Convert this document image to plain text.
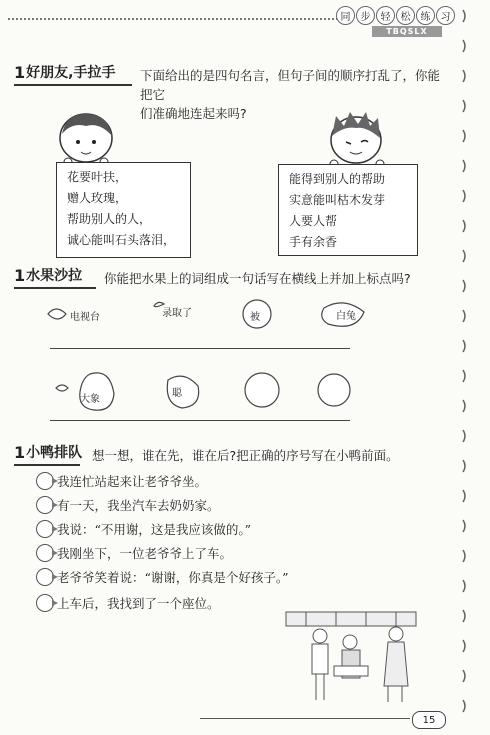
同	步	轻	松	练	习
TBQSLX
1 好朋友,手拉手 下面给出的是四句名言，但句子间的顺序打乱了，你能把它
们准确地连起来吗?
花要叶扶，
赠人玫瑰，
帮助别人的人，
诚心能叫石头落泪，
能得到别人的帮助
实意能叫枯木发芽
人要人帮
手有余香
1 水果沙拉 你能把水果上的词组成一句话写在横线上并加上标点吗?
电视台	录取了	被	白兔
大象
聪
1 小鸭排队 想一想，谁在先，谁在后?把正确的序号写在小鸭前面。
我连忙站起来让老爷爷坐。
有一天，我坐汽车去奶奶家。
我说：“不用谢，这是我应该做的。”
我刚坐下，一位老爷爷上了车。
老爷爷笑着说：“谢谢，你真是个好孩子。”
上车后，我找到了一个座位。
15
